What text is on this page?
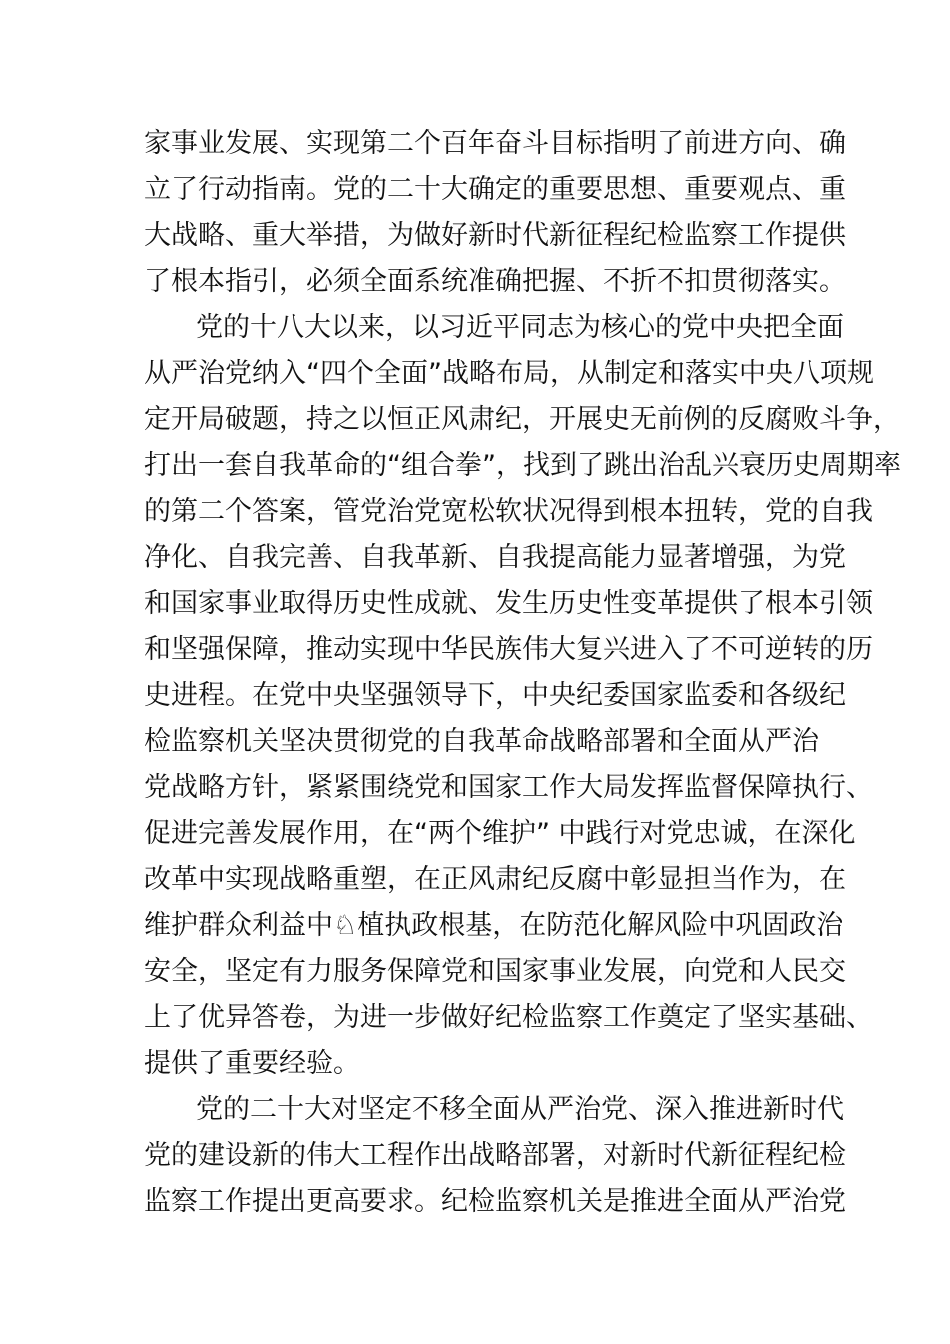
家事业发展、实现第二个百年奋斗目标指明了前进方向、确
立了行动指南。党的二十大确定的重要思想、重要观点、重
大战略、重大举措，为做好新时代新征程纪检监察工作提供
了根本指引，必须全面系统准确把握、不折不扣贯彻落实。
党的十八大以来，以习近平同志为核心的党中央把全面
从严治党纳入“四个全面”战略布局，从制定和落实中央八项规
定开局破题，持之以恒正风肃纪，开展史无前例的反腐败斗争，
打出一套自我革命的“组合拳”，找到了跳出治乱兴衰历史周期率
的第二个答案，管党治党宽松软状况得到根本扭转，党的自我
净化、自我完善、自我革新、自我提高能力显著增强，为党
和国家事业取得历史性成就、发生历史性变革提供了根本引领
和坚强保障，推动实现中华民族伟大复兴进入了不可逆转的历
史进程。在党中央坚强领导下，中央纪委国家监委和各级纪
检监察机关坚决贯彻党的自我革命战略部署和全面从严治
党战略方针，紧紧围绕党和国家工作大局发挥监督保障执行、
促进完善发展作用，在“两个维护” 中践行对党忠诚，在深化
改革中实现战略重塑，在正风肃纪反腐中彰显担当作为，在
维护群众利益中♘植执政根基，在防范化解风险中巩固政治
安全，坚定有力服务保障党和国家事业发展，向党和人民交
上了优异答卷，为进一步做好纪检监察工作奠定了坚实基础、
提供了重要经验。
党的二十大对坚定不移全面从严治党、深入推进新时代
党的建设新的伟大工程作出战略部署，对新时代新征程纪检
监察工作提出更高要求。纪检监察机关是推进全面从严治党
